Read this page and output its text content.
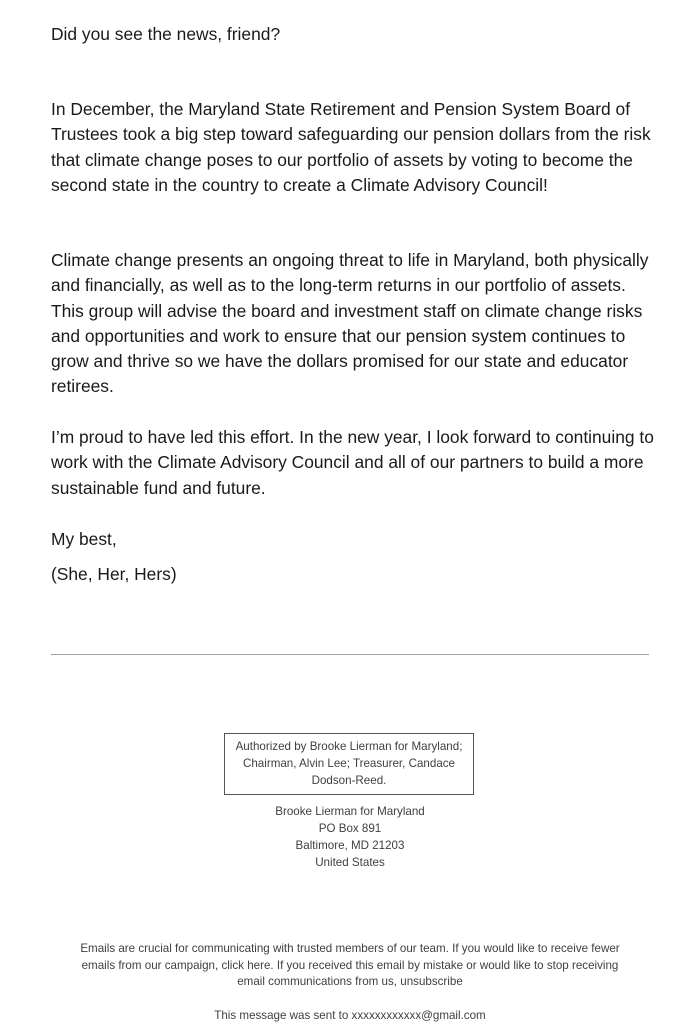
Did you see the news, friend?
In December, the Maryland State Retirement and Pension System Board of Trustees took a big step toward safeguarding our pension dollars from the risk that climate change poses to our portfolio of assets by voting to become the second state in the country to create a Climate Advisory Council!
Climate change presents an ongoing threat to life in Maryland, both physically and financially, as well as to the long-term returns in our portfolio of assets. This group will advise the board and investment staff on climate change risks and opportunities and work to ensure that our pension system continues to grow and thrive so we have the dollars promised for our state and educator retirees.
I’m proud to have led this effort. In the new year, I look forward to continuing to work with the Climate Advisory Council and all of our partners to build a more sustainable fund and future.
My best,
(She, Her, Hers)
Authorized by Brooke Lierman for Maryland; Chairman, Alvin Lee; Treasurer, Candace Dodson-Reed.
Brooke Lierman for Maryland
PO Box 891
Baltimore, MD 21203
United States
Emails are crucial for communicating with trusted members of our team. If you would like to receive fewer emails from our campaign, click here. If you received this email by mistake or would like to stop receiving email communications from us, unsubscribe
This message was sent to xxxxxxxxxxxx@gmail.com
